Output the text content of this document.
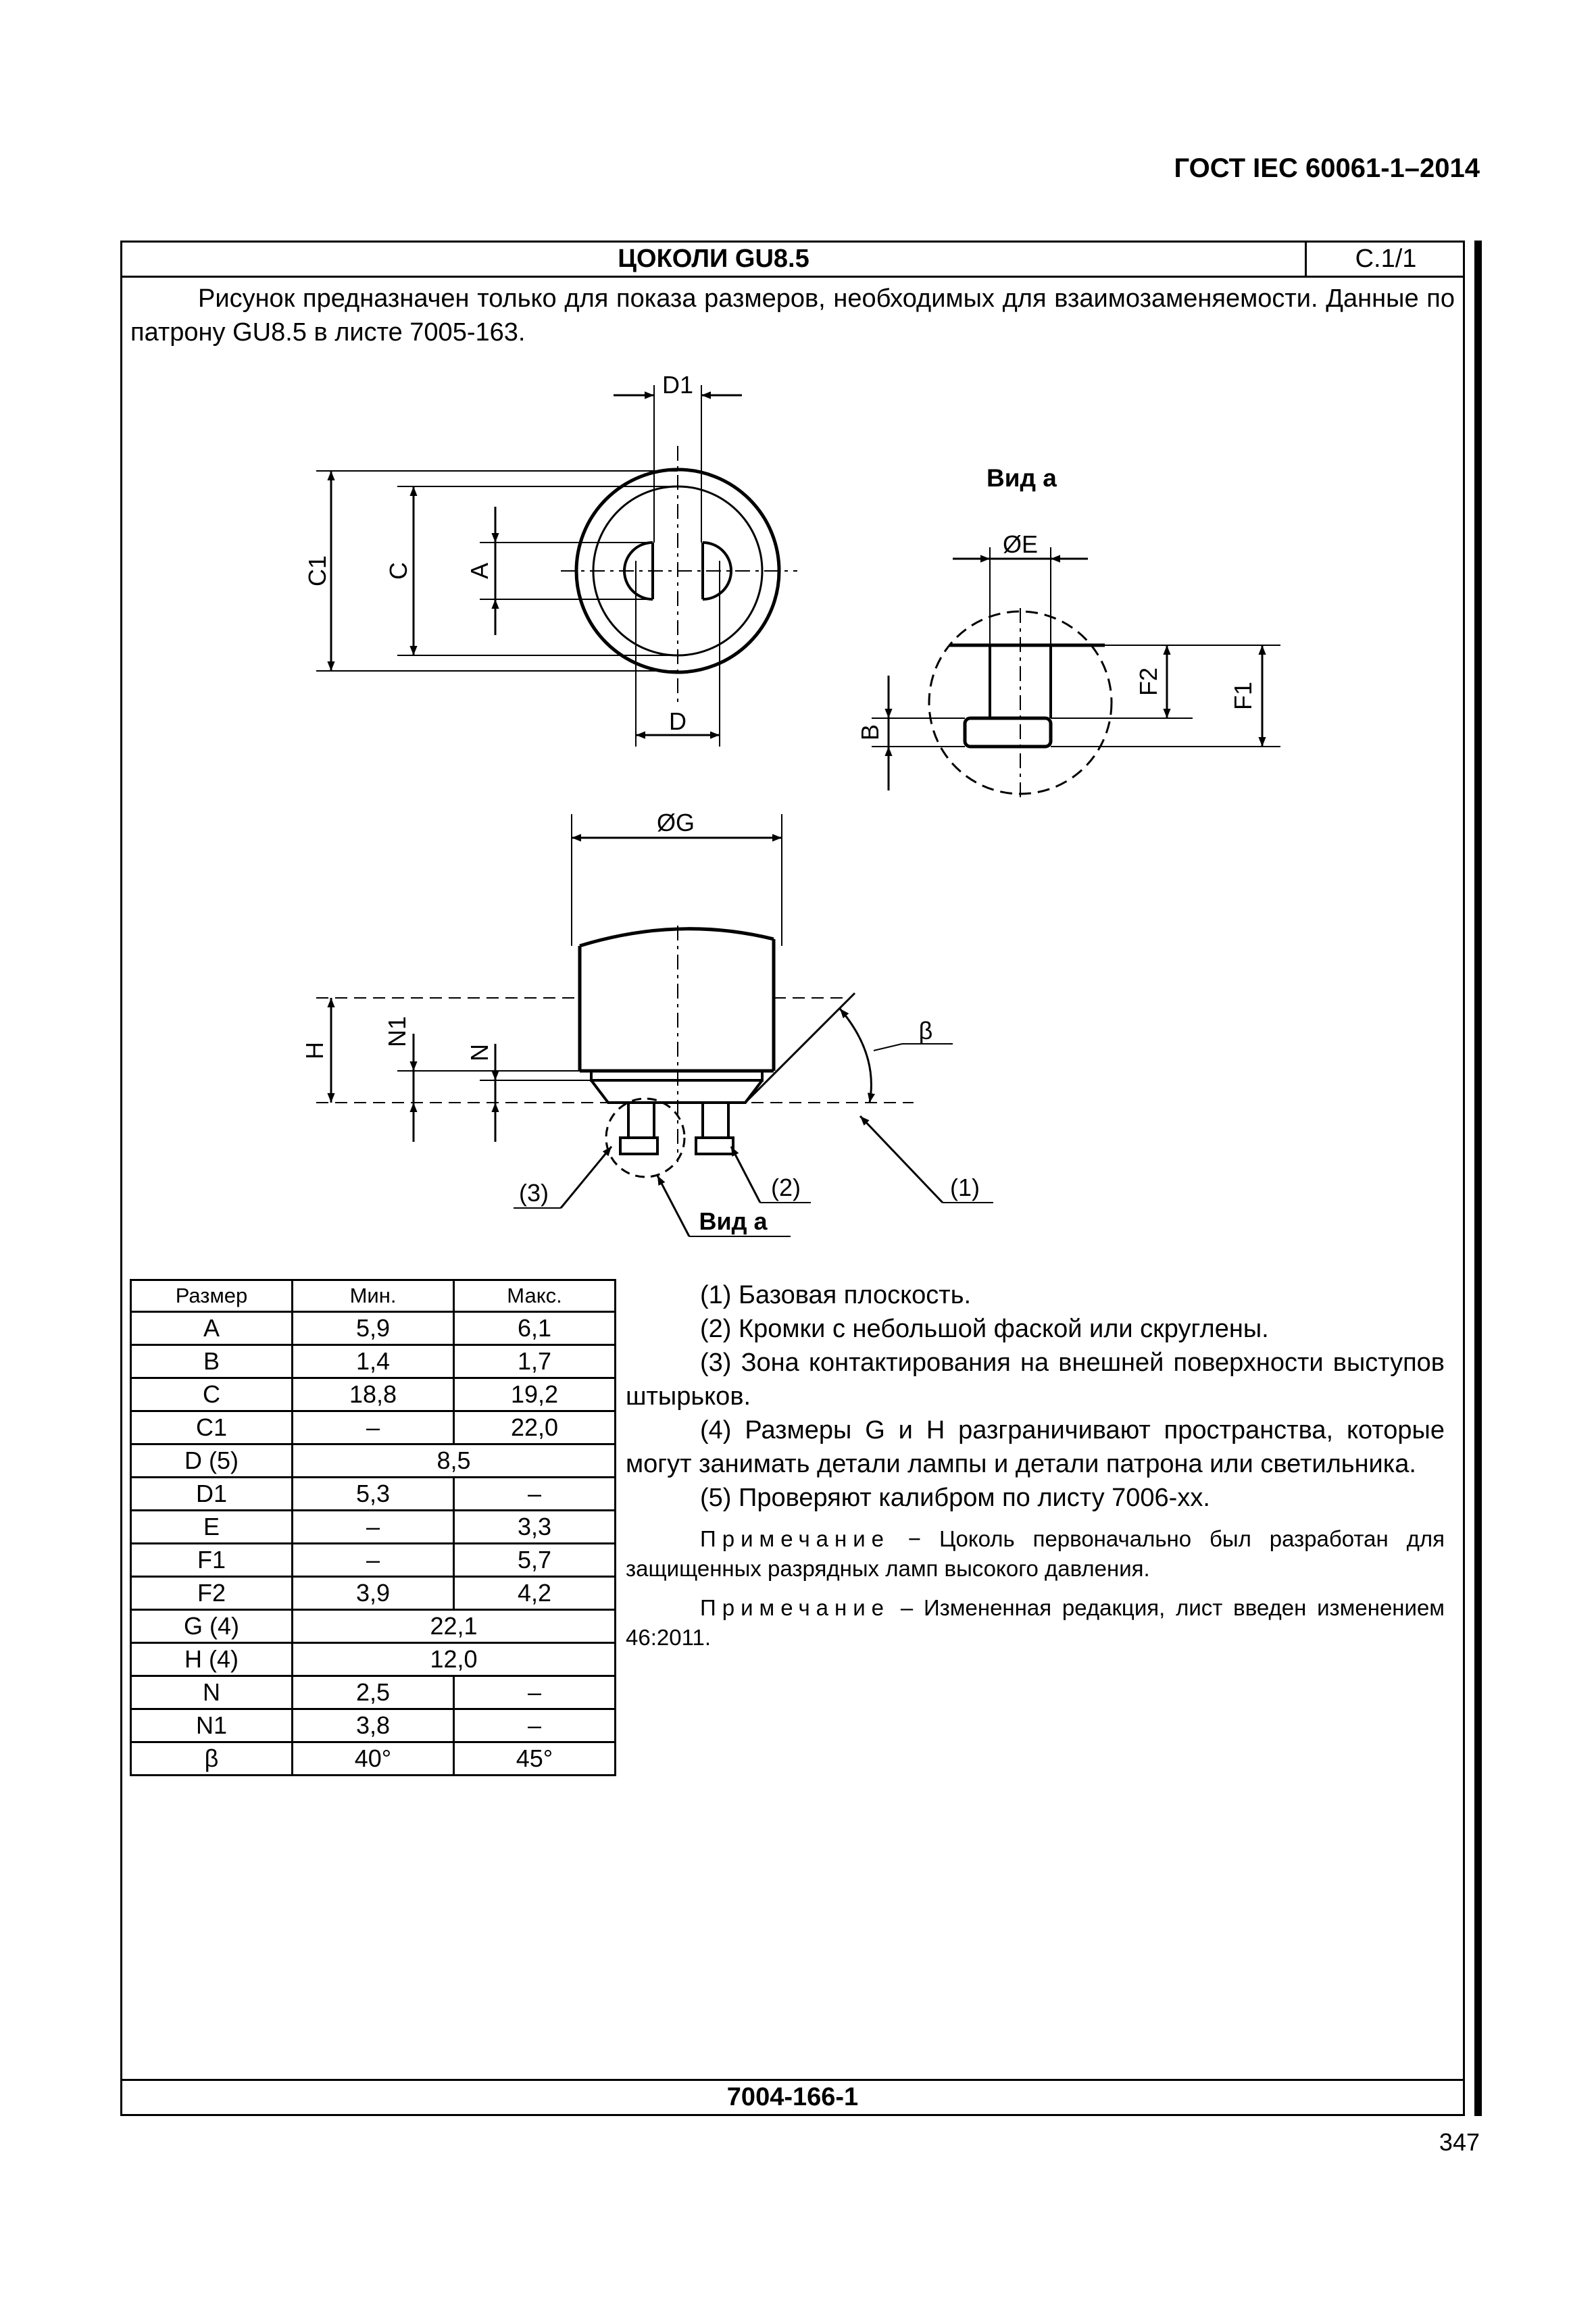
ГОСТ IEC 60061-1–2014
ЦОКОЛИ GU8.5	С.1/1
Рисунок предназначен только для показа размеров, необходимых для взаимозаменяемости. Данные по патрону GU8.5 в листе 7005-163.
7004-166-1
D1
D
C1 C A
Вид а
ØE
F2	F1
B
ØG
H
N1
N
β
(1)
(2)
(3)
Вид а
Размер	Мин.	Макс.
A	5,9	6,1
B	1,4	1,7
C	18,8	19,2
C1	–	22,0
D (5)	8,5	
D1	5,3	–
E	–	3,3
F1	–	5,7
F2	3,9	4,2
G (4)	22,1	
H (4)	12,0	
N	2,5	–
N1	3,8	–
β	40°	45°

(1) Базовая плоскость.

(2) Кромки с небольшой фаской или скруглены.

(3) Зона контактирования на внешней поверхности выступов штырьков.

(4) Размеры G и H разграничивают пространства, которые могут занимать детали лампы и детали патрона или светильника.

(5) Проверяют калибром по листу 7006-xx.

Примечание − Цоколь первоначально был разработан для защищенных разрядных ламп высокого давления.

Примечание – Измененная редакция, лист введен изменением 46:2011.

347
